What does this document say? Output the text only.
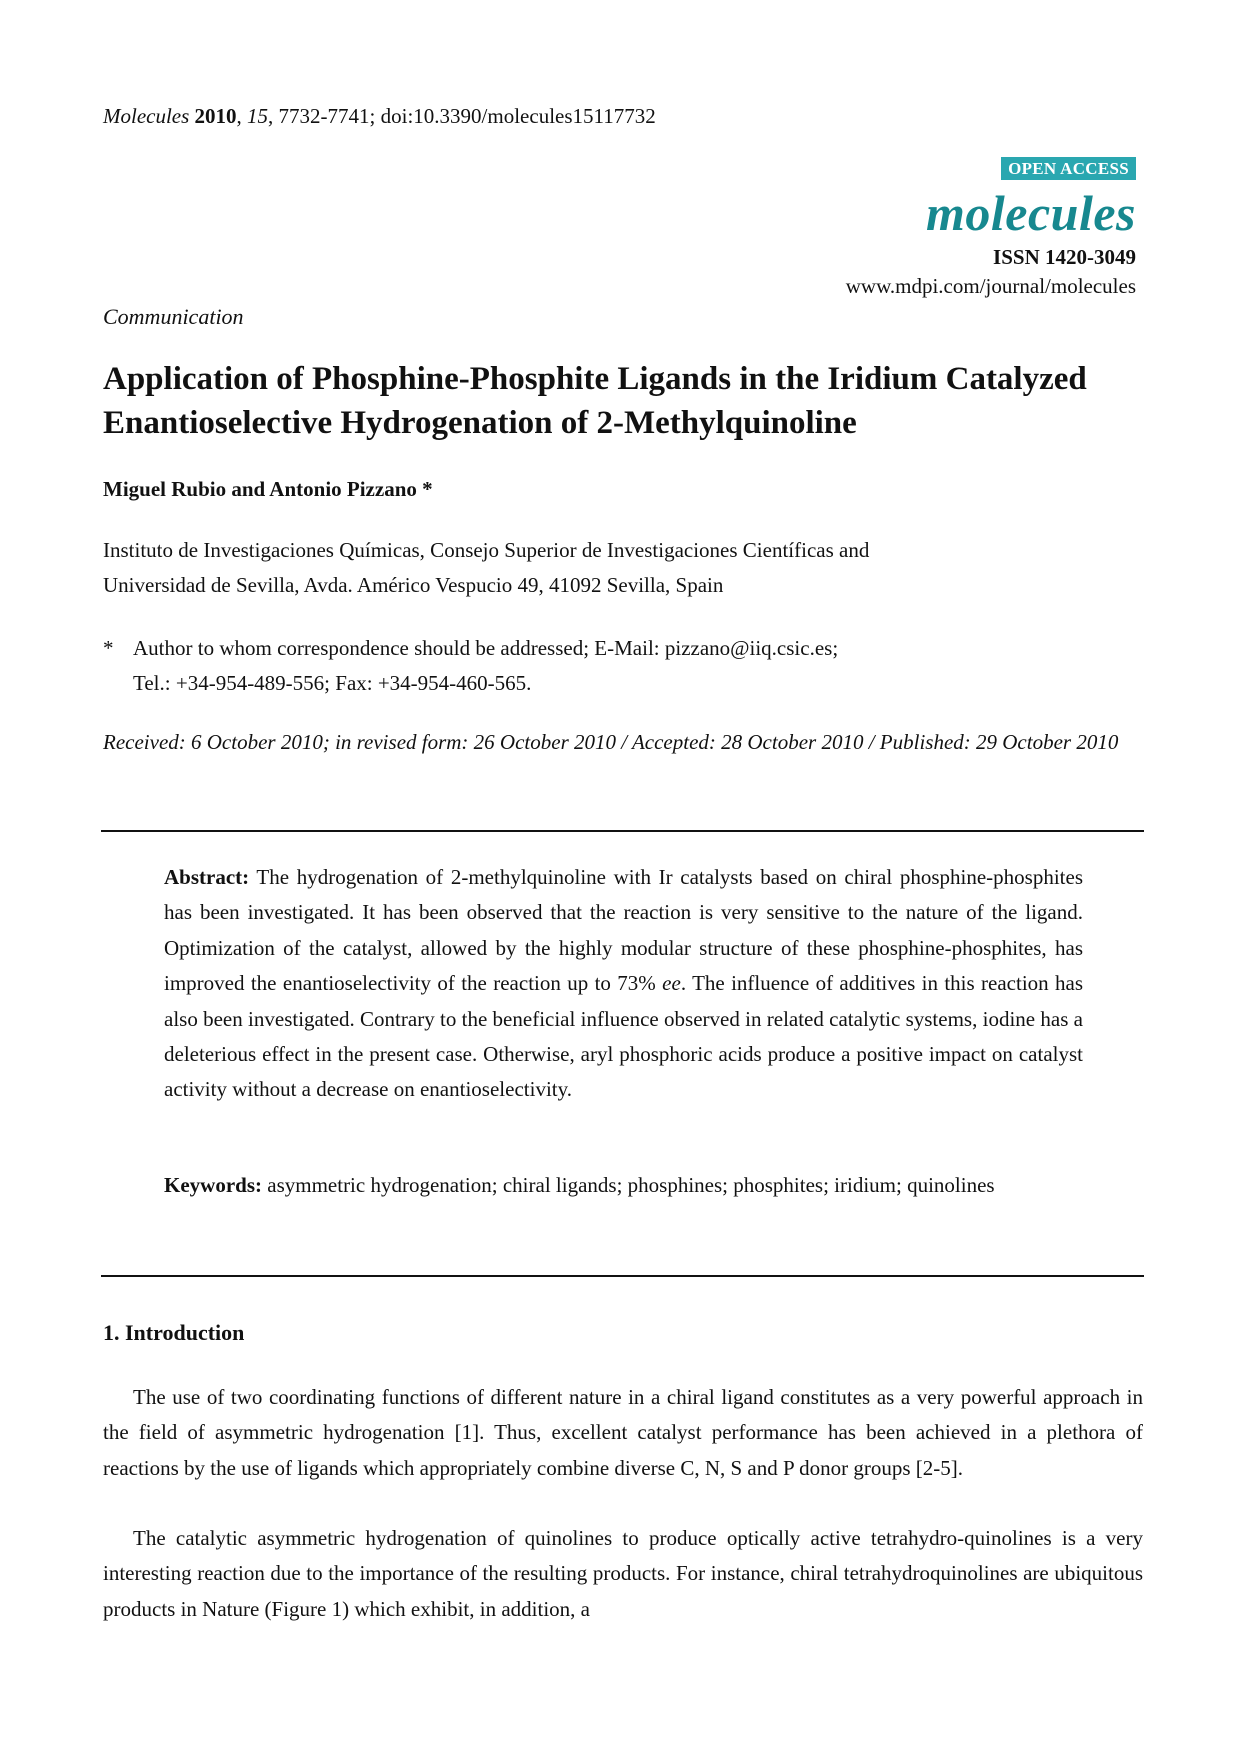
Molecules 2010, 15, 7732-7741; doi:10.3390/molecules15117732
OPEN ACCESS
molecules
ISSN 1420-3049
www.mdpi.com/journal/molecules
Communication
Application of Phosphine-Phosphite Ligands in the Iridium Catalyzed Enantioselective Hydrogenation of 2-Methylquinoline
Miguel Rubio and Antonio Pizzano *
Instituto de Investigaciones Químicas, Consejo Superior de Investigaciones Científicas and
Universidad de Sevilla, Avda. Américo Vespucio 49, 41092 Sevilla, Spain
* Author to whom correspondence should be addressed; E-Mail: pizzano@iiq.csic.es;
Tel.: +34-954-489-556; Fax: +34-954-460-565.
Received: 6 October 2010; in revised form: 26 October 2010 / Accepted: 28 October 2010 / Published: 29 October 2010

Abstract: The hydrogenation of 2-methylquinoline with Ir catalysts based on chiral phosphine-phosphites has been investigated. It has been observed that the reaction is very sensitive to the nature of the ligand. Optimization of the catalyst, allowed by the highly modular structure of these phosphine-phosphites, has improved the enantioselectivity of the reaction up to 73% ee. The influence of additives in this reaction has also been investigated. Contrary to the beneficial influence observed in related catalytic systems, iodine has a deleterious effect in the present case. Otherwise, aryl phosphoric acids produce a positive impact on catalyst activity without a decrease on enantioselectivity.

Keywords: asymmetric hydrogenation; chiral ligands; phosphines; phosphites; iridium; quinolines

1. Introduction

The use of two coordinating functions of different nature in a chiral ligand constitutes as a very powerful approach in the field of asymmetric hydrogenation [1]. Thus, excellent catalyst performance has been achieved in a plethora of reactions by the use of ligands which appropriately combine diverse C, N, S and P donor groups [2-5].

The catalytic asymmetric hydrogenation of quinolines to produce optically active tetrahydro-quinolines is a very interesting reaction due to the importance of the resulting products. For instance, chiral tetrahydroquinolines are ubiquitous products in Nature (Figure 1) which exhibit, in addition, a
